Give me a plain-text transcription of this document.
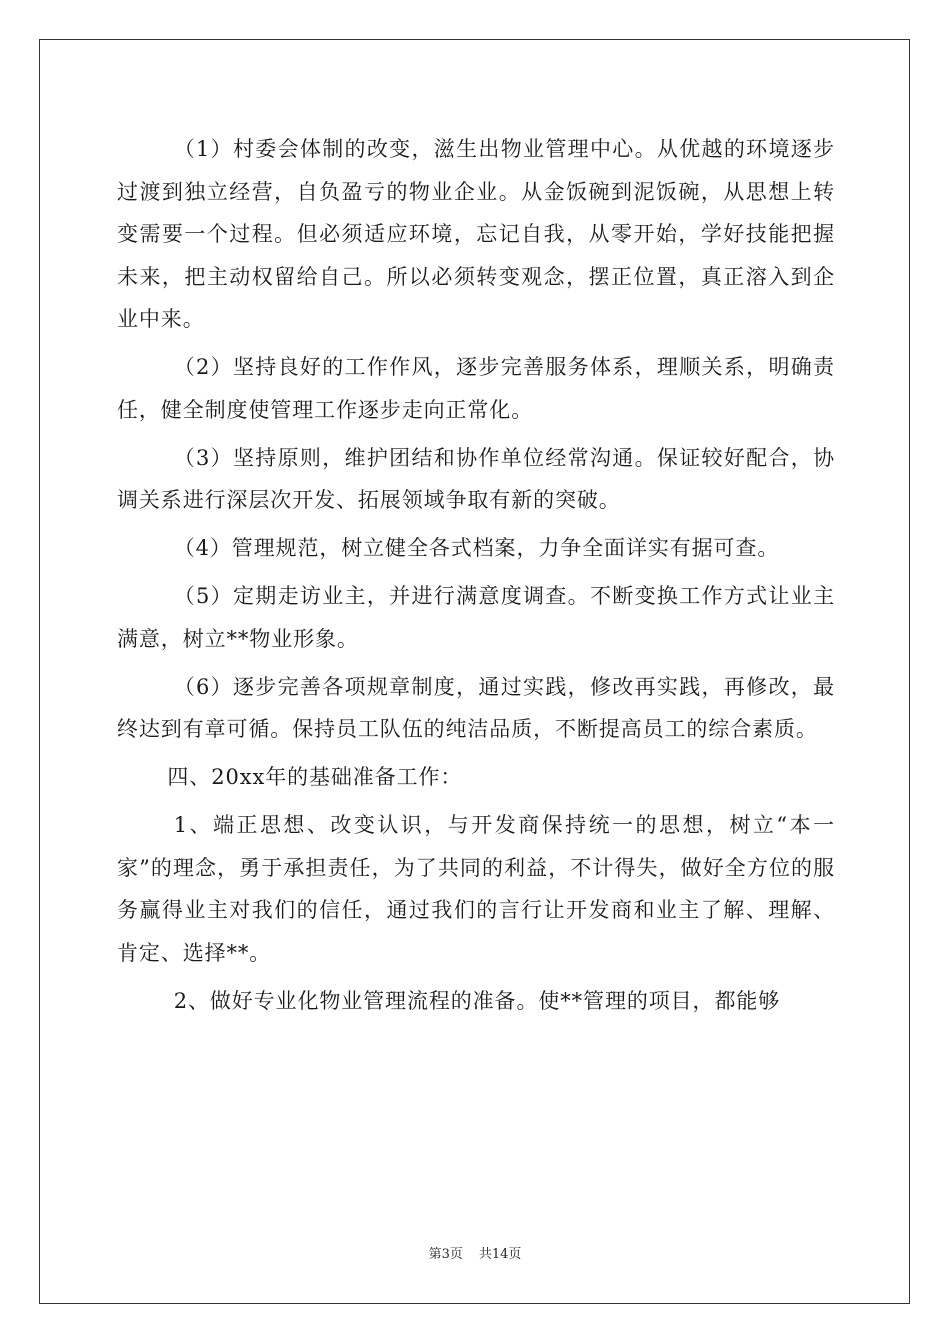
（1）村委会体制的改变，滋生出物业管理中心。从优越的环境逐步过渡到独立经营，自负盈亏的物业企业。从金饭碗到泥饭碗，从思想上转变需要一个过程。但必须适应环境，忘记自我，从零开始，学好技能把握未来，把主动权留给自己。所以必须转变观念，摆正位置，真正溶入到企业中来。

（2）坚持良好的工作作风，逐步完善服务体系，理顺关系，明确责任，健全制度使管理工作逐步走向正常化。

（3）坚持原则，维护团结和协作单位经常沟通。保证较好配合，协调关系进行深层次开发、拓展领域争取有新的突破。

（4）管理规范，树立健全各式档案，力争全面详实有据可查。

（5）定期走访业主，并进行满意度调查。不断变换工作方式让业主满意，树立**物业形象。

（6）逐步完善各项规章制度，通过实践，修改再实践，再修改，最终达到有章可循。保持员工队伍的纯洁品质，不断提高员工的综合素质。

四、20xx年的基础准备工作：

1、端正思想、改变认识，与开发商保持统一的思想，树立“本一家”的理念，勇于承担责任，为了共同的利益，不计得失，做好全方位的服务赢得业主对我们的信任，通过我们的言行让开发商和业主了解、理解、肯定、选择**。

2、做好专业化物业管理流程的准备。使**管理的项目，都能够

第3页 共14页
